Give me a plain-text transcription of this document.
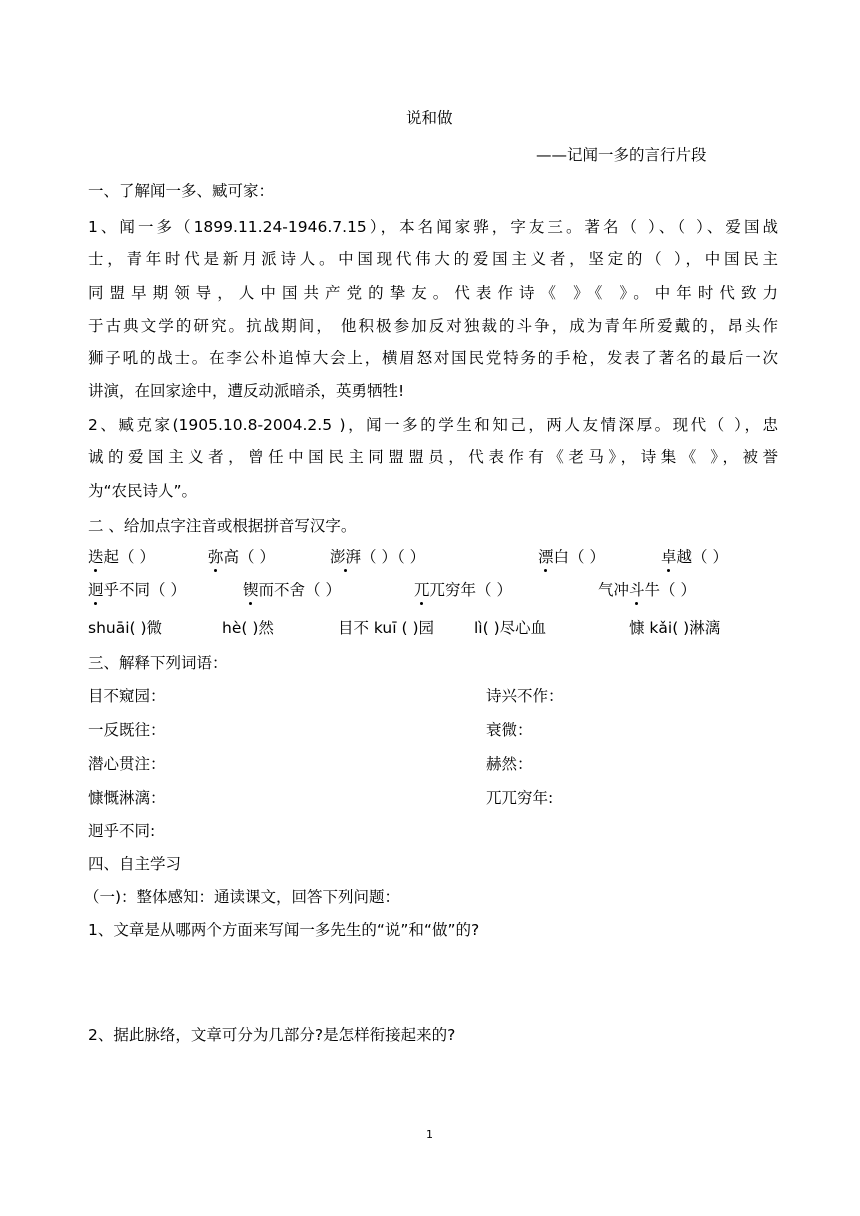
说和做
——记闻一多的言行片段
一、了解闻一多、臧可家：
1、闻一多（1899.11.24-1946.7.15），本名闻家骅，字友三。著名（ ）、（ ）、爱国战
士，青年时代是新月派诗人。中国现代伟大的爱国主义者，坚定的（ ），中国民主
同盟早期领导，人中国共产党的挚友。代表作诗《 》《 》。中年时代致力
于古典文学的研究。抗战期间， 他积极参加反对独裁的斗争，成为青年所爱戴的，昂头作
狮子吼的战士。在李公朴追悼大会上，横眉怒对国民党特务的手枪，发表了著名的最后一次
讲演，在回家途中，遭反动派暗杀，英勇牺牲!
2、臧克家(1905.10.8-2004.2.5 )，闻一多的学生和知己，两人友情深厚。现代（ ），忠
诚的爱国主义者，曾任中国民主同盟盟员，代表作有《老马》，诗集《 》，被誉
为“农民诗人”。
二 、给加点字注音或根据拼音写汉字。
迭起（ ）	弥高（ ）	澎湃（ ）（ ）	漂白（ ）	卓越（ ）
迥乎不同（ ）	锲而不舍（ ）	兀兀穷年（ ）	气冲斗牛（ ）
shuāi( )微	hè( )然	目不 kuī ( )园	lì( )尽心血	慷 kǎi( )淋漓
三、解释下列词语：
目不窥园：	诗兴不作：
一反既往：	衰微：
潜心贯注：	赫然：
慷慨淋漓：	兀兀穷年:
迥乎不同:
四、自主学习
（一)：整体感知：通读课文，回答下列问题：
1、文章是从哪两个方面来写闻一多先生的“说”和“做”的?
2、据此脉络，文章可分为几部分?是怎样衔接起来的?
1
